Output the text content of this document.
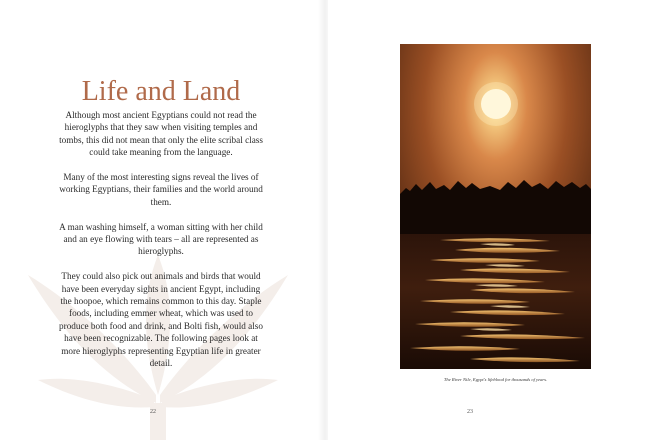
Life and Land

Although most ancient Egyptians could not read the hieroglyphs that they saw when visiting temples and tombs, this did not mean that only the elite scribal class could take meaning from the language.

Many of the most interesting signs reveal the lives of working Egyptians, their families and the world around them.

A man washing himself, a woman sitting with her child and an eye flowing with tears – all are represented as hieroglyphs.

They could also pick out animals and birds that would have been everyday sights in ancient Egypt, including the hoopoe, which remains common to this day. Staple foods, including emmer wheat, which was used to produce both food and drink, and Bolti fish, would also have been recognizable. The following pages look at more hieroglyphs representing Egyptian life in greater detail.

22
The River Nile, Egypt's lifeblood for thousands of years.
23
